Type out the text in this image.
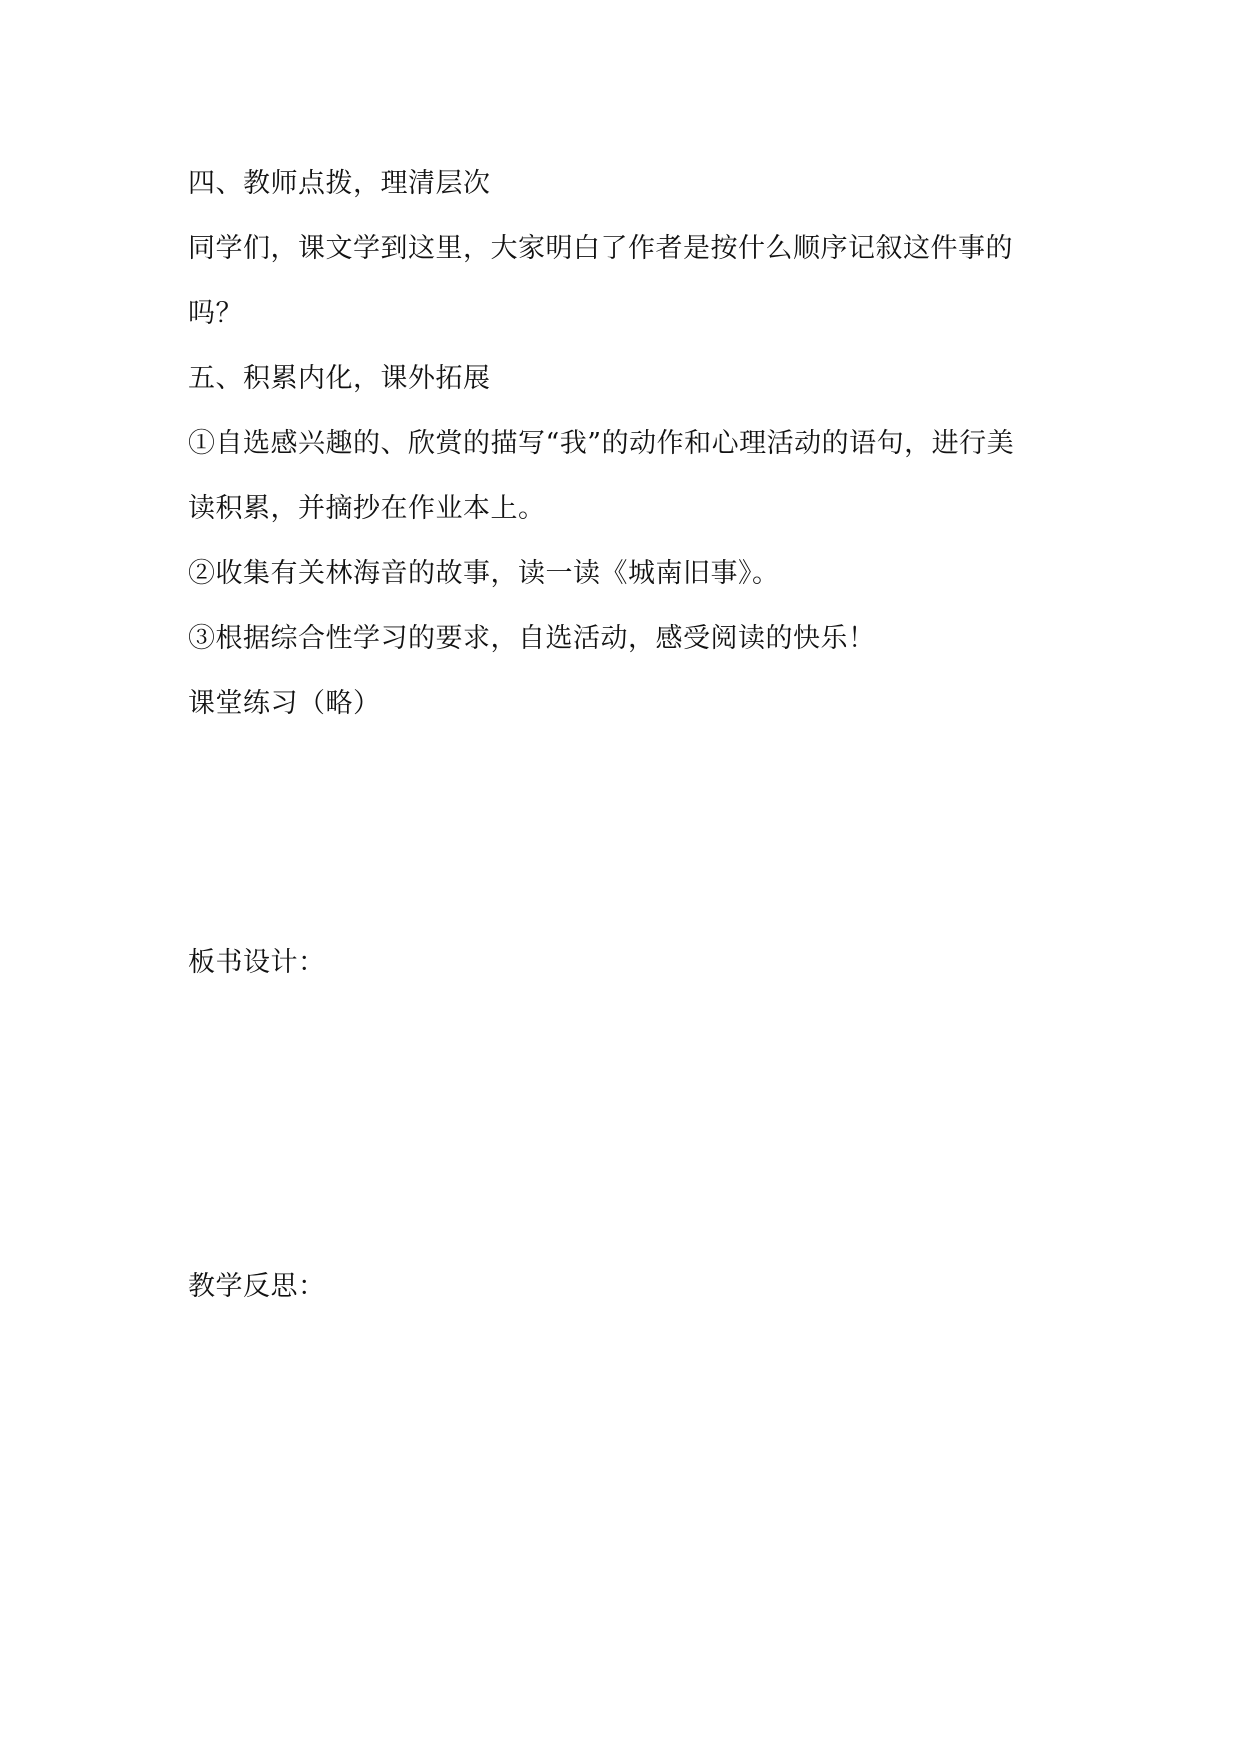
四、教师点拨，理清层次
同学们，课文学到这里，大家明白了作者是按什么顺序记叙这件事的
吗？
五、积累内化，课外拓展
①自选感兴趣的、欣赏的描写“我”的动作和心理活动的语句，进行美
读积累，并摘抄在作业本上。
②收集有关林海音的故事，读一读《城南旧事》。
③根据综合性学习的要求，自选活动，感受阅读的快乐！
课堂练习（略）
板书设计：
教学反思：
